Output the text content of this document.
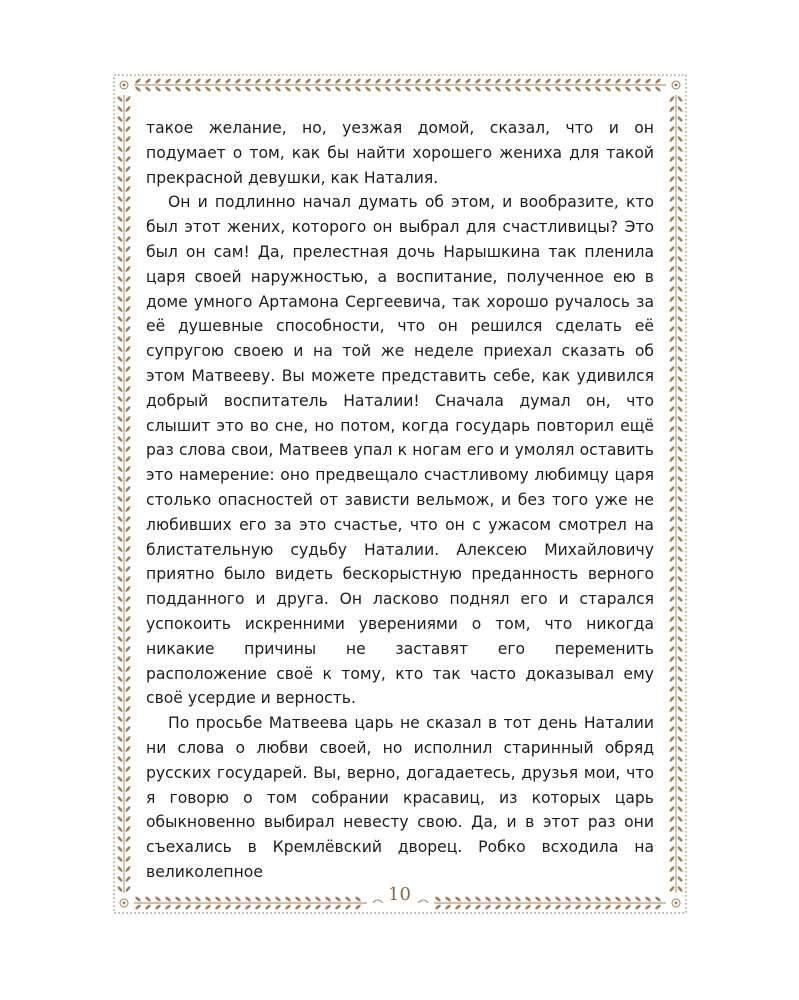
такое желание, но, уезжая домой, сказал, что и он подумает о том, как бы найти хорошего жениха для такой прекрасной девушки, как Наталия.

Он и подлинно начал думать об этом, и вообразите, кто был этот жених, которого он выбрал для счастливицы? Это был он сам! Да, прелестная дочь Нарышкина так пленила царя своей наружностью, а воспитание, полученное ею в доме умного Артамона Сергеевича, так хорошо ручалось за её душевные способности, что он решился сделать её супругою своею и на той же неделе приехал сказать об этом Матвееву. Вы можете представить себе, как удивился добрый воспитатель Наталии! Сначала думал он, что слышит это во сне, но потом, когда государь повторил ещё раз слова свои, Матвеев упал к ногам его и умолял оставить это намерение: оно предвещало счастливому любимцу царя столько опасностей от зависти вельмож, и без того уже не любивших его за это счастье, что он с ужасом смотрел на блистательную судьбу Наталии. Алексею Михайловичу приятно было видеть бескорыстную преданность верного подданного и друга. Он ласково поднял его и старался успокоить искренними уверениями о том, что никогда никакие причины не заставят его переменить расположение своё к тому, кто так часто доказывал ему своё усердие и верность.

По просьбе Матвеева царь не сказал в тот день Наталии ни слова о любви своей, но исполнил старинный обряд русских государей. Вы, верно, догадаетесь, друзья мои, что я говорю о том собрании красавиц, из которых царь обыкновенно выбирал невесту свою. Да, и в этот раз они съехались в Кремлёвский дворец. Робко всходила на великолепное

10
